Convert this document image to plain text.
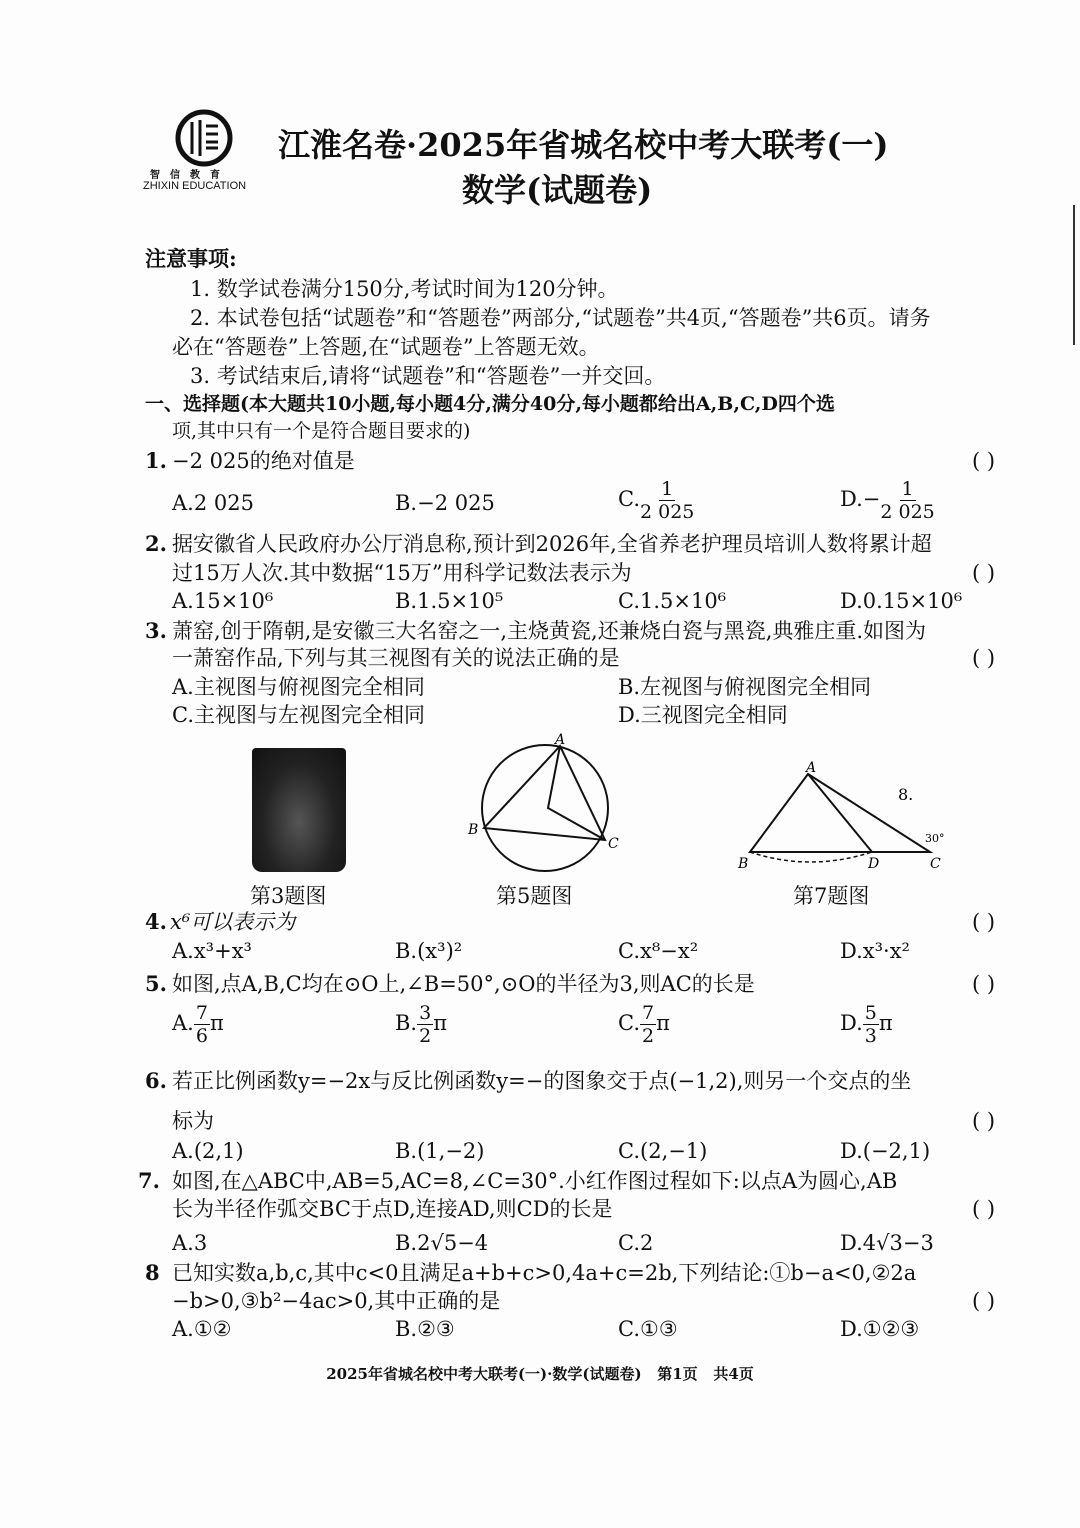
智信教育
ZHIXIN EDUCATION
江淮名卷·2025年省城名校中考大联考(一)
数学(试题卷)
注意事项:
1. 数学试卷满分150分,考试时间为120分钟。
2. 本试卷包括“试题卷”和“答题卷”两部分,“试题卷”共4页,“答题卷”共6页。请务
必在“答题卷”上答题,在“试题卷”上答题无效。
3. 考试结束后,请将“试题卷”和“答题卷”一并交回。
一、选择题(本大题共10小题,每小题4分,满分40分,每小题都给出A,B,C,D四个选
项,其中只有一个是符合题目要求的)
1. −2 025的绝对值是	( )
A.2 025	B.−2 025	C. $\frac{1}{2 025}$	$D.- \frac{1}{2 025}$
2. 据安徽省人民政府办公厅消息称,预计到2026年,全省养老护理员培训人数将累计超
过15万人次.其中数据“15万”用科学记数法表示为	( )
A.15×10⁶	B.1.5×10⁵	C.1.5×10⁶	D.0.15×10⁶
3. 萧窑,创于隋朝,是安徽三大名窑之一,主烧黄瓷,还兼烧白瓷与黑瓷,典雅庄重.如图为
一萧窑作品,下列与其三视图有关的说法正确的是	( )
A.主视图与俯视图完全相同	B.左视图与俯视图完全相同
C.主视图与左视图完全相同	D.三视图完全相同
第3题图
A
B
C
第5题图
A
B	C
D
8.
30°
第7题图
4. x⁶可以表示为	( )
A.x³+x³	B.(x³)²	C.x⁸−x²	D.x³·x²
5. 如图,点A,B,C均在⊙O上,∠B=50°,⊙O的半径为3,则AC的长是	( )
A. $\frac{7}{6}$ π	B. $\frac{3}{2}$ π	C. $\frac{7}{2}$ π	D. $\frac{5}{3}$ π
6. 若正比例函数y=−2x与反比例函数y=−的图象交于点(−1,2),则另一个交点的坐
标为	( )
A.(2,1)	B.(1,−2)	C.(2,−1)	D.(−2,1)
7. 如图,在△ABC中,AB=5,AC=8,∠C=30°.小红作图过程如下:以点A为圆心,AB
长为半径作弧交BC于点D,连接AD,则CD的长是	( )
A.3	B.2√5−4	C.2	D.4√3−3
8 已知实数a,b,c,其中c<0且满足a+b+c>0,4a+c=2b,下列结论:①b−a<0,②2a
−b>0,③b²−4ac>0,其中正确的是	( )
A.①②	B.②③	C.①③	D.①②③
2025年省城名校中考大联考(一)·数学(试题卷)   第1页   共4页
